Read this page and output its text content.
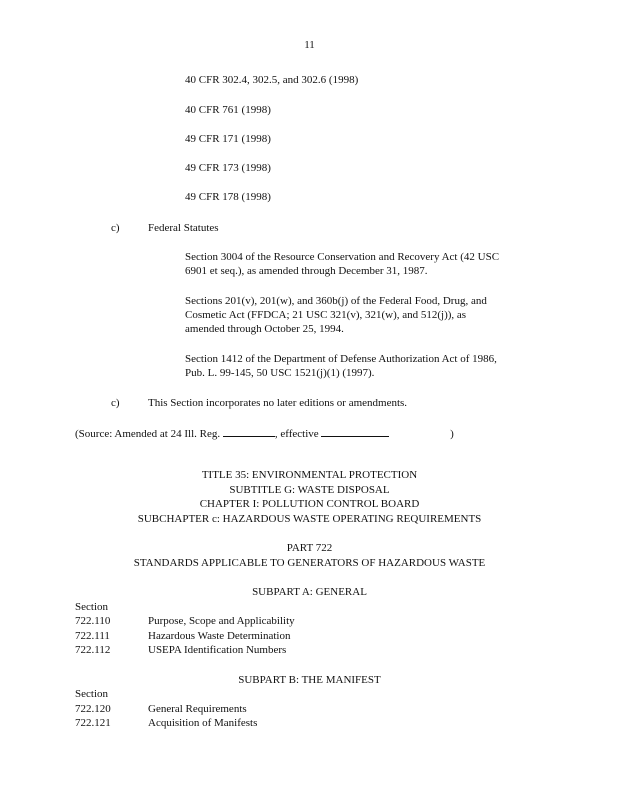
11
40 CFR 302.4, 302.5, and 302.6 (1998)
40 CFR 761 (1998)
49 CFR 171 (1998)
49 CFR 173 (1998)
49 CFR 178 (1998)
c)	Federal Statutes
Section 3004 of the Resource Conservation and Recovery Act (42 USC
6901 et seq.), as amended through December 31, 1987.
Sections 201(v), 201(w), and 360b(j) of the Federal Food, Drug, and
Cosmetic Act (FFDCA; 21 USC 321(v), 321(w), and 512(j)), as
amended through October 25, 1994.
Section 1412 of the Department of Defense Authorization Act of 1986,
Pub. L. 99-145, 50 USC 1521(j)(1) (1997).
c)	This Section incorporates no later editions or amendments.
(Source: Amended at 24 Ill. Reg.	, effective	)
TITLE 35: ENVIRONMENTAL PROTECTION
SUBTITLE G: WASTE DISPOSAL
CHAPTER I: POLLUTION CONTROL BOARD
SUBCHAPTER c: HAZARDOUS WASTE OPERATING REQUIREMENTS
PART 722
STANDARDS APPLICABLE TO GENERATORS OF HAZARDOUS WASTE
SUBPART A: GENERAL
Section
722.110	Purpose, Scope and Applicability
722.111	Hazardous Waste Determination
722.112	USEPA Identification Numbers
SUBPART B: THE MANIFEST
Section
722.120	General Requirements
722.121	Acquisition of Manifests
